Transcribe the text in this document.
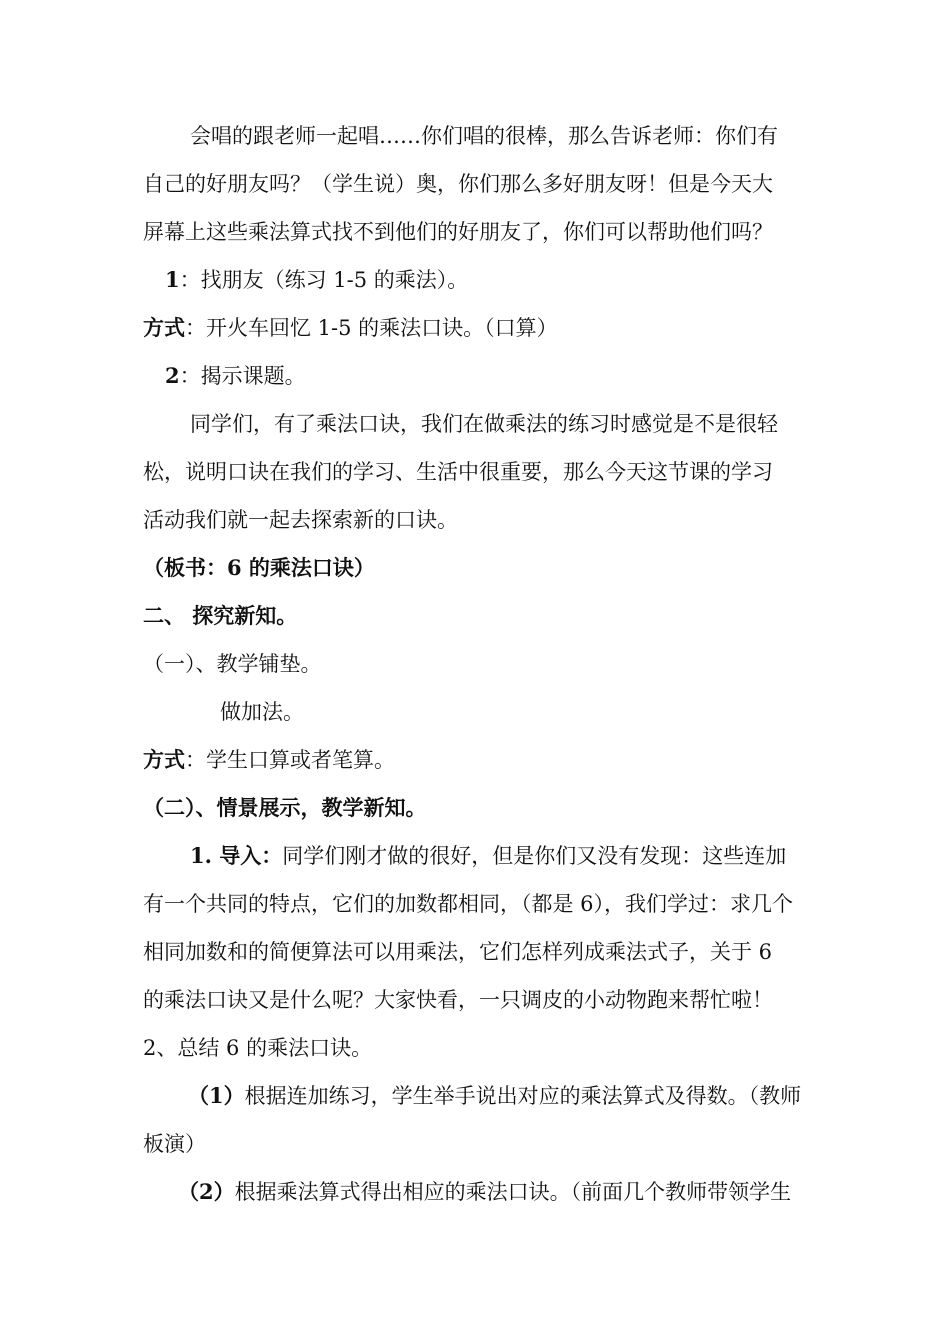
会唱的跟老师一起唱……你们唱的很棒，那么告诉老师：你们有
自己的好朋友吗？（学生说）奥，你们那么多好朋友呀！但是今天大
屏幕上这些乘法算式找不到他们的好朋友了，你们可以帮助他们吗？
1：找朋友（练习 1-5 的乘法）。
方式：开火车回忆 1-5 的乘法口诀。（口算）
2：揭示课题。
同学们，有了乘法口诀，我们在做乘法的练习时感觉是不是很轻
松，说明口诀在我们的学习、生活中很重要，那么今天这节课的学习
活动我们就一起去探索新的口诀。
（板书：6 的乘法口诀）
二、 探究新知。
（一）、教学铺垫。
做加法。
方式：学生口算或者笔算。
（二）、情景展示，教学新知。
1. 导入：同学们刚才做的很好，但是你们又没有发现：这些连加
有一个共同的特点，它们的加数都相同，（都是 6），我们学过：求几个
相同加数和的简便算法可以用乘法，它们怎样列成乘法式子，关于 6
的乘法口诀又是什么呢？大家快看，一只调皮的小动物跑来帮忙啦！
2、总结 6 的乘法口诀。
（1）根据连加练习，学生举手说出对应的乘法算式及得数。（教师
板演）
（2）根据乘法算式得出相应的乘法口诀。（前面几个教师带领学生
